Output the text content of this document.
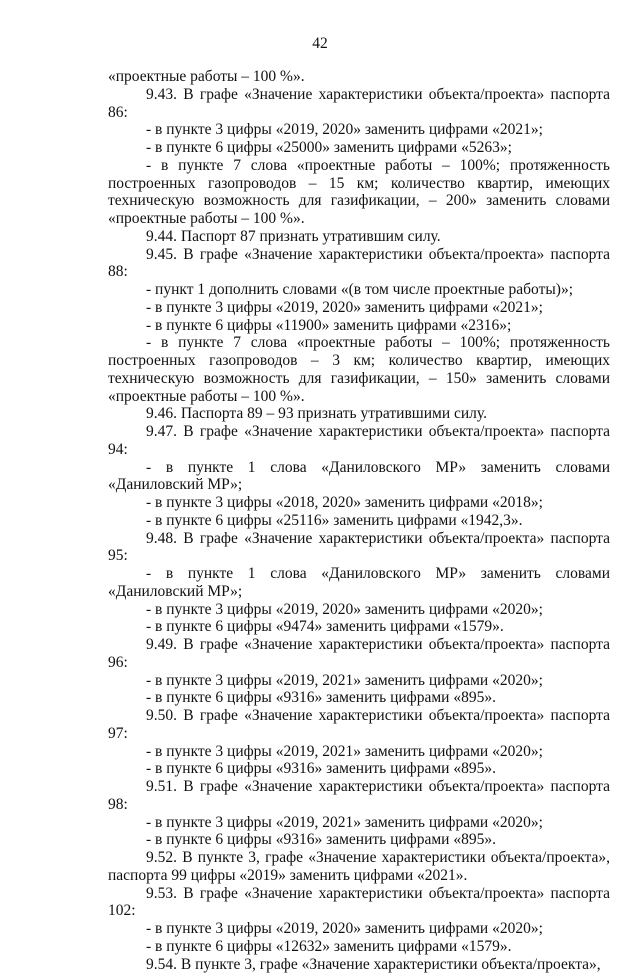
42

«проектные работы – 100 %».

9.43. В графе «Значение характеристики объекта/проекта» паспорта 86:

- в пункте 3 цифры «2019, 2020» заменить цифрами «2021»;

- в пункте 6 цифры «25000» заменить цифрами «5263»;

- в пункте 7 слова «проектные работы – 100%; протяженность построенных газопроводов – 15 км; количество квартир, имеющих техническую возможность для газификации, – 200» заменить словами «проектные работы – 100 %».

9.44. Паспорт 87 признать утратившим силу.

9.45. В графе «Значение характеристики объекта/проекта» паспорта 88:

- пункт 1 дополнить словами «(в том числе проектные работы)»;

- в пункте 3 цифры «2019, 2020» заменить цифрами «2021»;

- в пункте 6 цифры «11900» заменить цифрами «2316»;

- в пункте 7 слова «проектные работы – 100%; протяженность построенных газопроводов – 3 км; количество квартир, имеющих техническую возможность для газификации, – 150» заменить словами «проектные работы – 100 %».

9.46. Паспорта 89 – 93 признать утратившими силу.

9.47. В графе «Значение характеристики объекта/проекта» паспорта 94:

- в пункте 1 слова «Даниловского МР» заменить словами «Даниловский МР»;

- в пункте 3 цифры «2018, 2020» заменить цифрами «2018»;

- в пункте 6 цифры «25116» заменить цифрами «1942,3».

9.48. В графе «Значение характеристики объекта/проекта» паспорта 95:

- в пункте 1 слова «Даниловского МР» заменить словами «Даниловский МР»;

- в пункте 3 цифры «2019, 2020» заменить цифрами «2020»;

- в пункте 6 цифры «9474» заменить цифрами «1579».

9.49. В графе «Значение характеристики объекта/проекта» паспорта 96:

- в пункте 3 цифры «2019, 2021» заменить цифрами «2020»;

- в пункте 6 цифры «9316» заменить цифрами «895».

9.50. В графе «Значение характеристики объекта/проекта» паспорта 97:

- в пункте 3 цифры «2019, 2021» заменить цифрами «2020»;

- в пункте 6 цифры «9316» заменить цифрами «895».

9.51. В графе «Значение характеристики объекта/проекта» паспорта 98:

- в пункте 3 цифры «2019, 2021» заменить цифрами «2020»;

- в пункте 6 цифры «9316» заменить цифрами «895».

9.52. В пункте 3, графе «Значение характеристики объекта/проекта», паспорта 99 цифры «2019» заменить цифрами «2021».

9.53. В графе «Значение характеристики объекта/проекта» паспорта 102:

- в пункте 3 цифры «2019, 2020» заменить цифрами «2020»;

- в пункте 6 цифры «12632» заменить цифрами «1579».

9.54. В пункте 3, графе «Значение характеристики объекта/проекта»,
